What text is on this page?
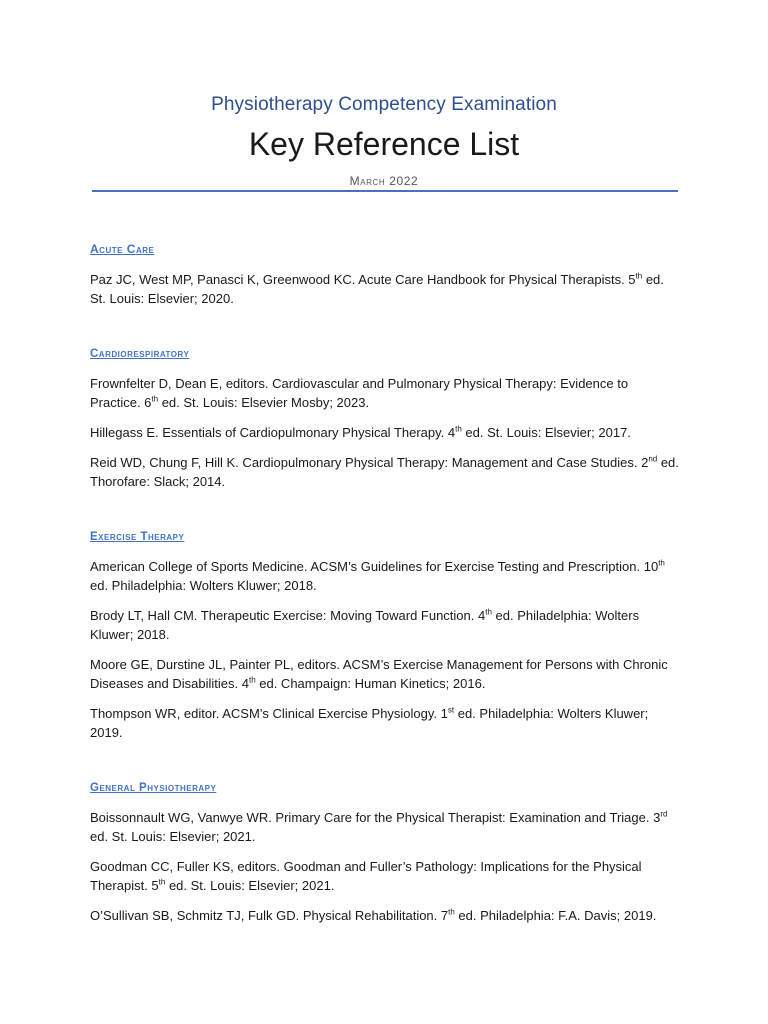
Physiotherapy Competency Examination
Key Reference List
March 2022
Acute Care
Paz JC, West MP, Panasci K, Greenwood KC. Acute Care Handbook for Physical Therapists. 5th ed. St. Louis: Elsevier; 2020.
Cardiorespiratory
Frownfelter D, Dean E, editors. Cardiovascular and Pulmonary Physical Therapy: Evidence to Practice. 6th ed. St. Louis: Elsevier Mosby; 2023.
Hillegass E. Essentials of Cardiopulmonary Physical Therapy. 4th ed. St. Louis: Elsevier; 2017.
Reid WD, Chung F, Hill K. Cardiopulmonary Physical Therapy: Management and Case Studies. 2nd ed. Thorofare: Slack; 2014.
Exercise Therapy
American College of Sports Medicine. ACSM’s Guidelines for Exercise Testing and Prescription. 10th ed. Philadelphia: Wolters Kluwer; 2018.
Brody LT, Hall CM. Therapeutic Exercise: Moving Toward Function. 4th ed. Philadelphia: Wolters Kluwer; 2018.
Moore GE, Durstine JL, Painter PL, editors. ACSM’s Exercise Management for Persons with Chronic Diseases and Disabilities. 4th ed. Champaign: Human Kinetics; 2016.
Thompson WR, editor. ACSM’s Clinical Exercise Physiology. 1st ed. Philadelphia: Wolters Kluwer; 2019.
General Physiotherapy
Boissonnault WG, Vanwye WR. Primary Care for the Physical Therapist: Examination and Triage. 3rd ed. St. Louis: Elsevier; 2021.
Goodman CC, Fuller KS, editors. Goodman and Fuller’s Pathology: Implications for the Physical Therapist. 5th ed. St. Louis: Elsevier; 2021.
O’Sullivan SB, Schmitz TJ, Fulk GD. Physical Rehabilitation. 7th ed. Philadelphia: F.A. Davis; 2019.
